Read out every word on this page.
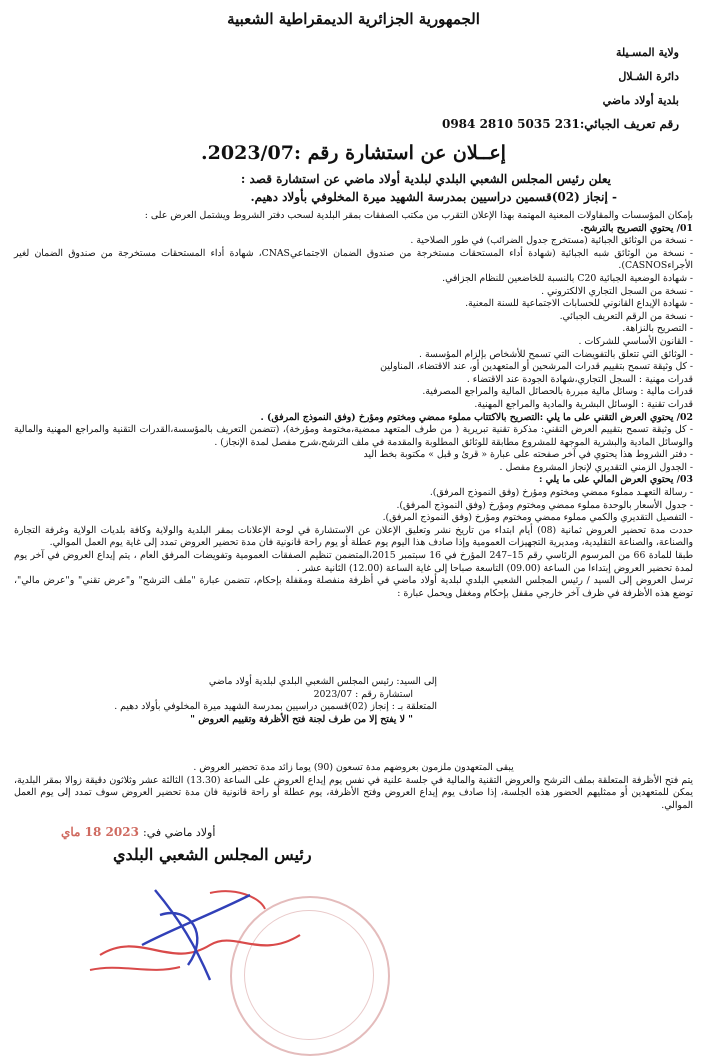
الجمهورية الجزائرية الديمقراطية الشعبية
ولاية المسـيلة
دائرة الشـلال
بلدية أولاد ماضي
رقم تعريف الجبائي:231 5035 2810 0984
إعــلان عن استشارة رقم :2023/07.
يعلن رئيس المجلس الشعبي البلدي لبلدية أولاد ماضي عن استشارة قصد :
- إنجاز (02)قسمين دراسيين بمدرسة الشهيد ميرة المخلوفي بأولاد دهيم.

بإمكان المؤسسات والمقاولات المعنية المهتمة بهذا الإعلان التقرب من مكتب الصفقات بمقر البلدية لسحب دفتر الشروط ويشتمل العرض على :

01/ يحتوي التصريح بالترشح.

- نسخة من الوثائق الجبائية (مستخرج جدول الضرائب) في طور الصلاحية .

- نسخة من الوثائق شبه الجبائية (شهادة أداء المستحقات مستخرجة من صندوق الضمان الاجتماعيCNAS، شهادة أداء المستحقات مستخرجة من صندوق الضمان لغير الأجراءCASNOS).

- شهادة الوضعية الجبائية C20 بالنسبة للخاضعين للنظام الجزافي.

- نسخة من السجل التجاري الالكتروني .

- شهادة الإيداع القانوني للحسابات الاجتماعية للسنة المعنية.

- نسخة من الرقم التعريف الجبائي.

- التصريح بالنزاهة.

- القانون الأساسي للشركات .

- الوثائق التي تتعلق بالتفويضات التي تسمح للأشخاص بإلزام المؤسسة .

- كل وثيقة تسمح بتقييم قدرات المرشحين أو المتعهدين أو، عند الاقتضاء، المناولين

قدرات مهنية : السجل التجاري،شهادة الجودة عند الاقتضاء .

قدرات مالية : وسائل مالية مبررة بالحصائل المالية والمراجع المصرفية.

قدرات تقنية : الوسائل البشرية والمادية والمراجع المهنية.

02/ يحتوي العرض التقني على ما يلي :التصريح بالاكتتاب مملوء ممضي ومختوم ومؤرخ (وفق النموذج المرفق) .

- كل وثيقة تسمح بتقييم العرض التقني: مذكرة تقنية تبريرية ( من طرف المتعهد ممضية،مختومة ومؤرخة)، (تتضمن التعريف بالمؤسسة،القدرات التقنية والمراجع المهنية والمالية والوسائل المادية والبشرية الموجهة للمشروع مطابقة للوثائق المطلوبة والمقدمة في ملف الترشح،شرح مفصل لمدة الإنجاز) .

- دفتر الشروط هذا يحتوي في آخر صفحته على عبارة « قرئ و قبل » مكتوبة بخط اليد

- الجدول الزمني التقديري لإنجاز المشروع مفصل .

03/ يحتوي العرض المالي على ما يلي :

- رسالة التعهـد مملوء ممضي ومختوم ومؤرخ (وفق النموذج المرفق).

- جدول الأسعار بالوحدة مملوء ممضي ومختوم ومؤرخ (وفق النموذج المرفق).

- التفصيل التقديري والكمي مملوء ممضي ومختوم ومؤرخ (وفق النموذج المرفق).

حددت مدة تحضير العروض ثمانية (08) أيام ابتداء من تاريخ نشر وتعليق الإعلان عن الاستشارة في لوحة الإعلانات بمقر البلدية والولاية وكافة بلديات الولاية وغرفة التجارة والصناعة، والصناعة التقليدية، ومديرية التجهيزات العمومية وإذا صادف هذا اليوم يوم عطلة أو يوم راحة قانونية فان مدة تحضير العروض تمدد إلى غاية يوم العمل الموالي.

طبقا للمادة 66 من المرسوم الرئاسي رقم 15–247 المؤرخ في 16 سبتمبر 2015،المتضمن تنظيم الصفقات العمومية وتفويضات المرفق العام ، يتم إيداع العروض في آخر يوم لمدة تحضير العروض إبتداءا من الساعة (09.00) التاسعة صباحا إلى غاية الساعة (12.00) الثانية عشر .

ترسل العروض إلى السيد / رئيس المجلس الشعبي البلدي لبلدية أولاد ماضي في أظرفة منفصلة ومقفلة بإحكام، تتضمن عبارة "ملف الترشح" و"عرض تقني" و"عرض مالي"، توضع هذه الأظرفة في ظرف آخر خارجي مقفل بإحكام ومغفل ويحمل عبارة :

إلى السيد: رئيس المجلس الشعبي البلدي لبلدية أولاد ماضي

استشارة رقم : 2023/07

المتعلقة بـ : إنجاز (02)قسمين دراسيين بمدرسة الشهيد ميرة المخلوفي بأولاد دهيم .

" لا يفتح إلا من طرف لجنة فتح الأظرفة وتقييم العروض "

يبقى المتعهدون ملزمون بعروضهم مدة تسعون (90) يوما زائد مدة تحضير العروض .

يتم فتح الأظرفة المتعلقة بملف الترشح والعروض التقنية والمالية في جلسة علنية في نفس يوم إيداع العروض على الساعة (13.30) الثالثة عشر وثلاثون دقيقة زوالا بمقر البلدية، يمكن للمتعهدين أو ممثليهم الحضور هذه الجلسة، إذا صادف يوم إيداع العروض وفتح الأظرفة، يوم عطلة أو راحة قانونية فان مدة تحضير العروض سوف تمدد إلى يوم العمل الموالي.

2023 18 ماي أولاد ماضي في:
رئيس المجلس الشعبي البلدي
